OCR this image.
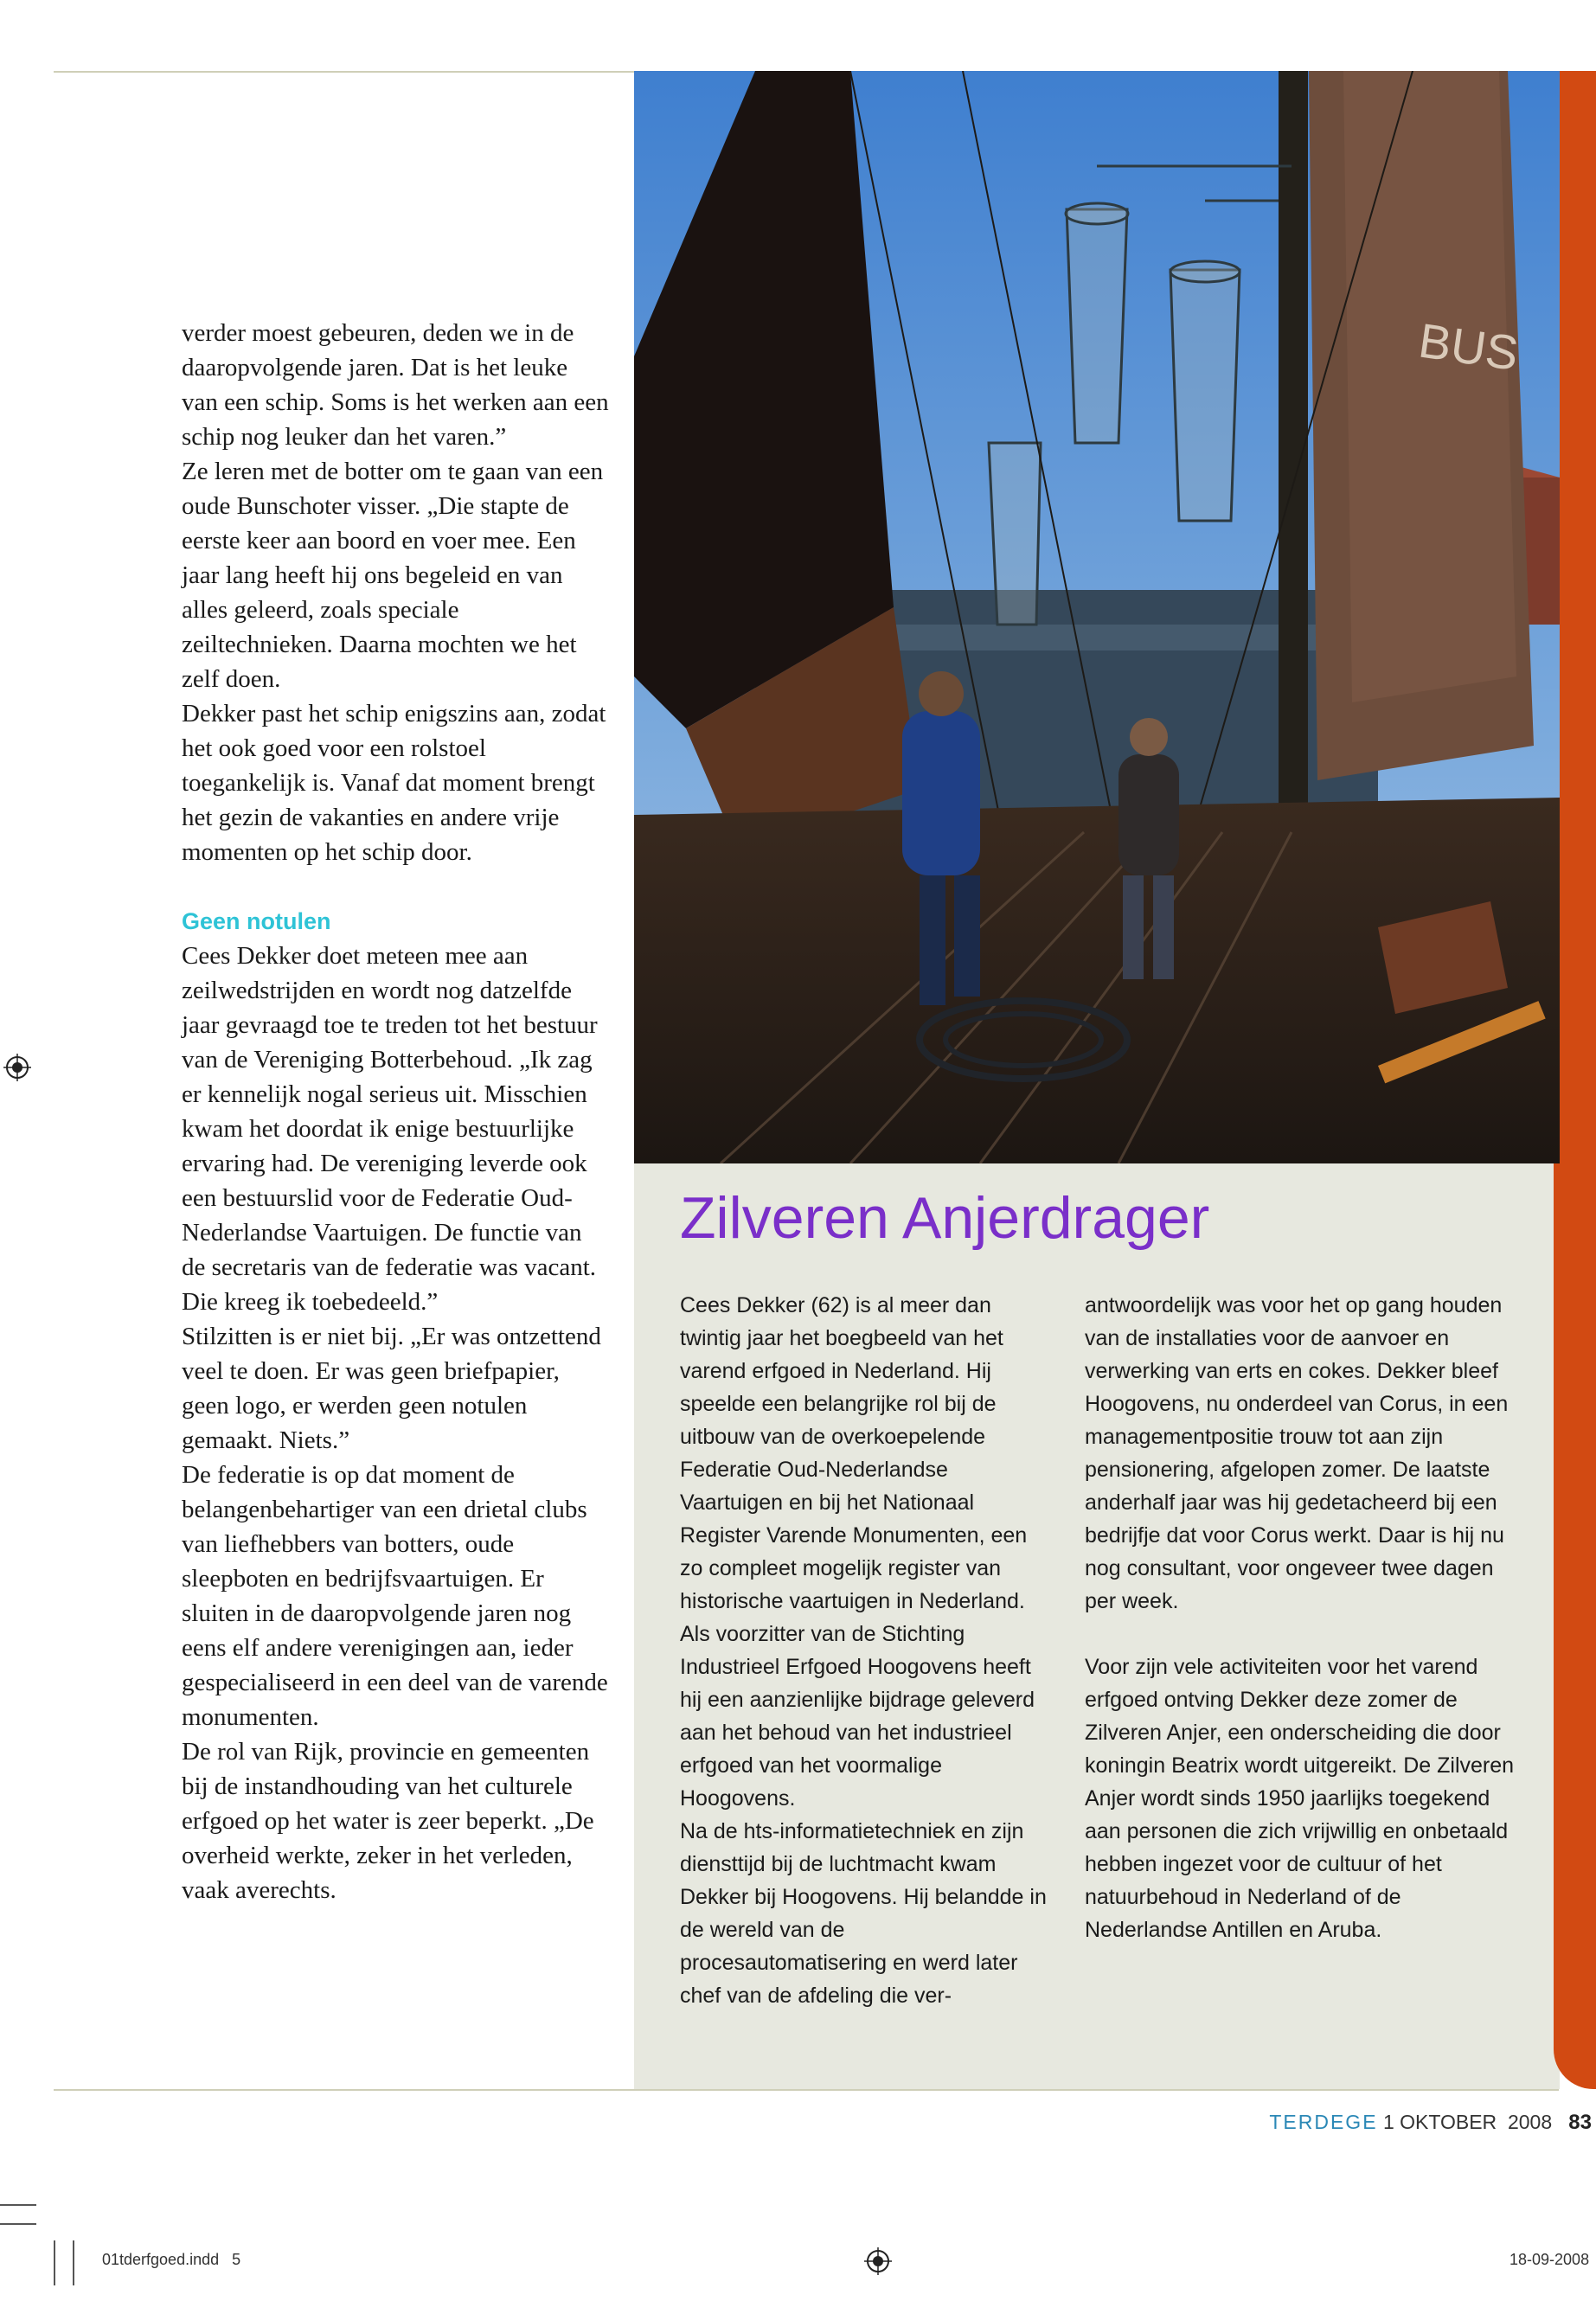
BUS

verder moest gebeuren, deden we in de daaropvolgende jaren. Dat is het leuke van een schip. Soms is het werken aan een schip nog leuker dan het varen.”

Ze leren met de botter om te gaan van een oude Bunschoter visser. „Die stapte de eerste keer aan boord en voer mee. Een jaar lang heeft hij ons begeleid en van alles geleerd, zoals speciale zeiltechnieken. Daarna mochten we het zelf doen.

Dekker past het schip enigszins aan, zodat het ook goed voor een rolstoel toegankelijk is. Vanaf dat moment brengt het gezin de vakanties en andere vrije momenten op het schip door.

Geen notulen

Cees Dekker doet meteen mee aan zeilwedstrijden en wordt nog datzelfde jaar gevraagd toe te treden tot het bestuur van de Vereniging Botterbehoud. „Ik zag er kennelijk nogal serieus uit. Misschien kwam het doordat ik enige bestuurlijke ervaring had. De vereniging leverde ook een bestuurslid voor de Federatie Oud-Nederlandse Vaartuigen. De functie van de secretaris van de federatie was vacant. Die kreeg ik toebedeeld.”

Stilzitten is er niet bij. „Er was ontzettend veel te doen. Er was geen briefpapier, geen logo, er werden geen notulen gemaakt. Niets.”

De federatie is op dat moment de belangenbehartiger van een drietal clubs van liefhebbers van botters, oude sleepboten en bedrijfsvaartuigen. Er sluiten in de daaropvolgende jaren nog eens elf andere verenigingen aan, ieder gespecialiseerd in een deel van de varende monumenten.

De rol van Rijk, provincie en gemeenten bij de instandhouding van het culturele erfgoed op het water is zeer beperkt. „De overheid werkte, zeker in het verleden, vaak averechts.

Zilveren Anjerdrager

Cees Dekker (62) is al meer dan twintig jaar het boegbeeld van het varend erfgoed in Nederland. Hij speelde een belangrijke rol bij de uitbouw van de overkoepelende Federatie Oud-Nederlandse Vaartuigen en bij het Nationaal Register Varende Monumenten, een zo compleet mogelijk register van historische vaartuigen in Nederland.

Als voorzitter van de Stichting Industrieel Erfgoed Hoogovens heeft hij een aanzienlijke bijdrage geleverd aan het behoud van het industrieel erfgoed van het voormalige Hoogovens.

Na de hts-informatietechniek en zijn diensttijd bij de luchtmacht kwam Dekker bij Hoogovens. Hij belandde in de wereld van de procesautomatisering en werd later chef van de afdeling die ver-

antwoordelijk was voor het op gang houden van de installaties voor de aanvoer en verwerking van erts en cokes. Dekker bleef Hoogovens, nu onderdeel van Corus, in een managementpositie trouw tot aan zijn pensionering, afgelopen zomer. De laatste anderhalf jaar was hij gedetacheerd bij een bedrijfje dat voor Corus werkt. Daar is hij nu nog consultant, voor ongeveer twee dagen per week.

Voor zijn vele activiteiten voor het varend erfgoed ontving Dekker deze zomer de Zilveren Anjer, een onderscheiding die door koningin Beatrix wordt uitgereikt. De Zilveren Anjer wordt sinds 1950 jaarlijks toegekend aan personen die zich vrijwillig en onbetaald hebben ingezet voor de cultuur of het natuurbehoud in Nederland of de Nederlandse Antillen en Aruba.

TERDEGE 1 OKTOBER 2008 83
01tderfgoed.indd   5	18-09-2008
